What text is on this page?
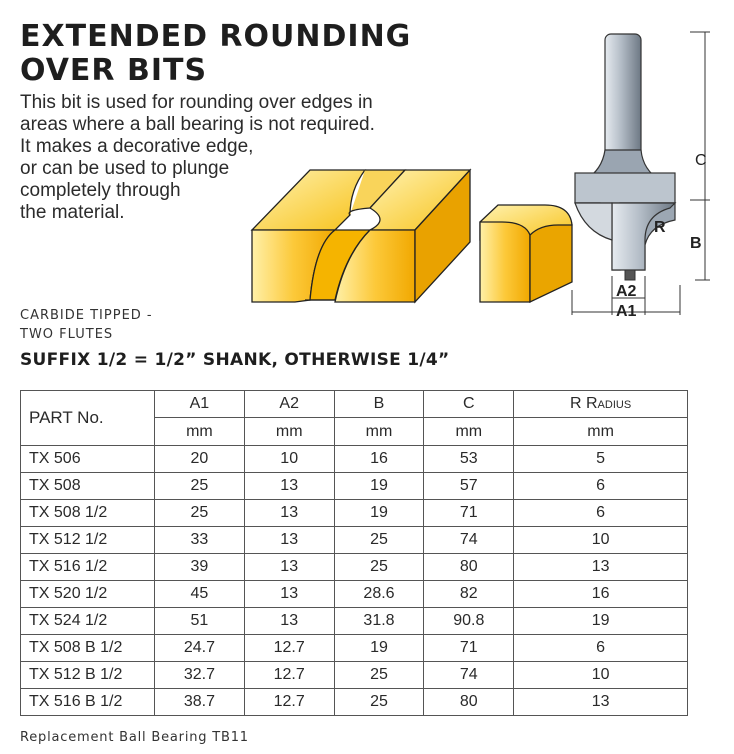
EXTENDED ROUNDING
OVER BITS

This bit is used for rounding over edges in
areas where a ball bearing is not required.
It makes a decorative edge,
or can be used to plunge
completely through
the material.

C
R
B
A2
A1
CARBIDE TIPPED -
TWO FLUTES
SUFFIX 1/2 = 1/2” SHANK, OTHERWISE 1/4”
PART No.	A1	A2	B	C	R Radius
	mm	mm	mm	mm	mm
TX 506	20	10	16	53	5
TX 508	25	13	19	57	6
TX 508 1/2	25	13	19	71	6
TX 512 1/2	33	13	25	74	10
TX 516 1/2	39	13	25	80	13
TX 520 1/2	45	13	28.6	82	16
TX 524 1/2	51	13	31.8	90.8	19
TX 508 B 1/2	24.7	12.7	19	71	6
TX 512 B 1/2	32.7	12.7	25	74	10
TX 516 B 1/2	38.7	12.7	25	80	13
Replacement Ball Bearing TB11
